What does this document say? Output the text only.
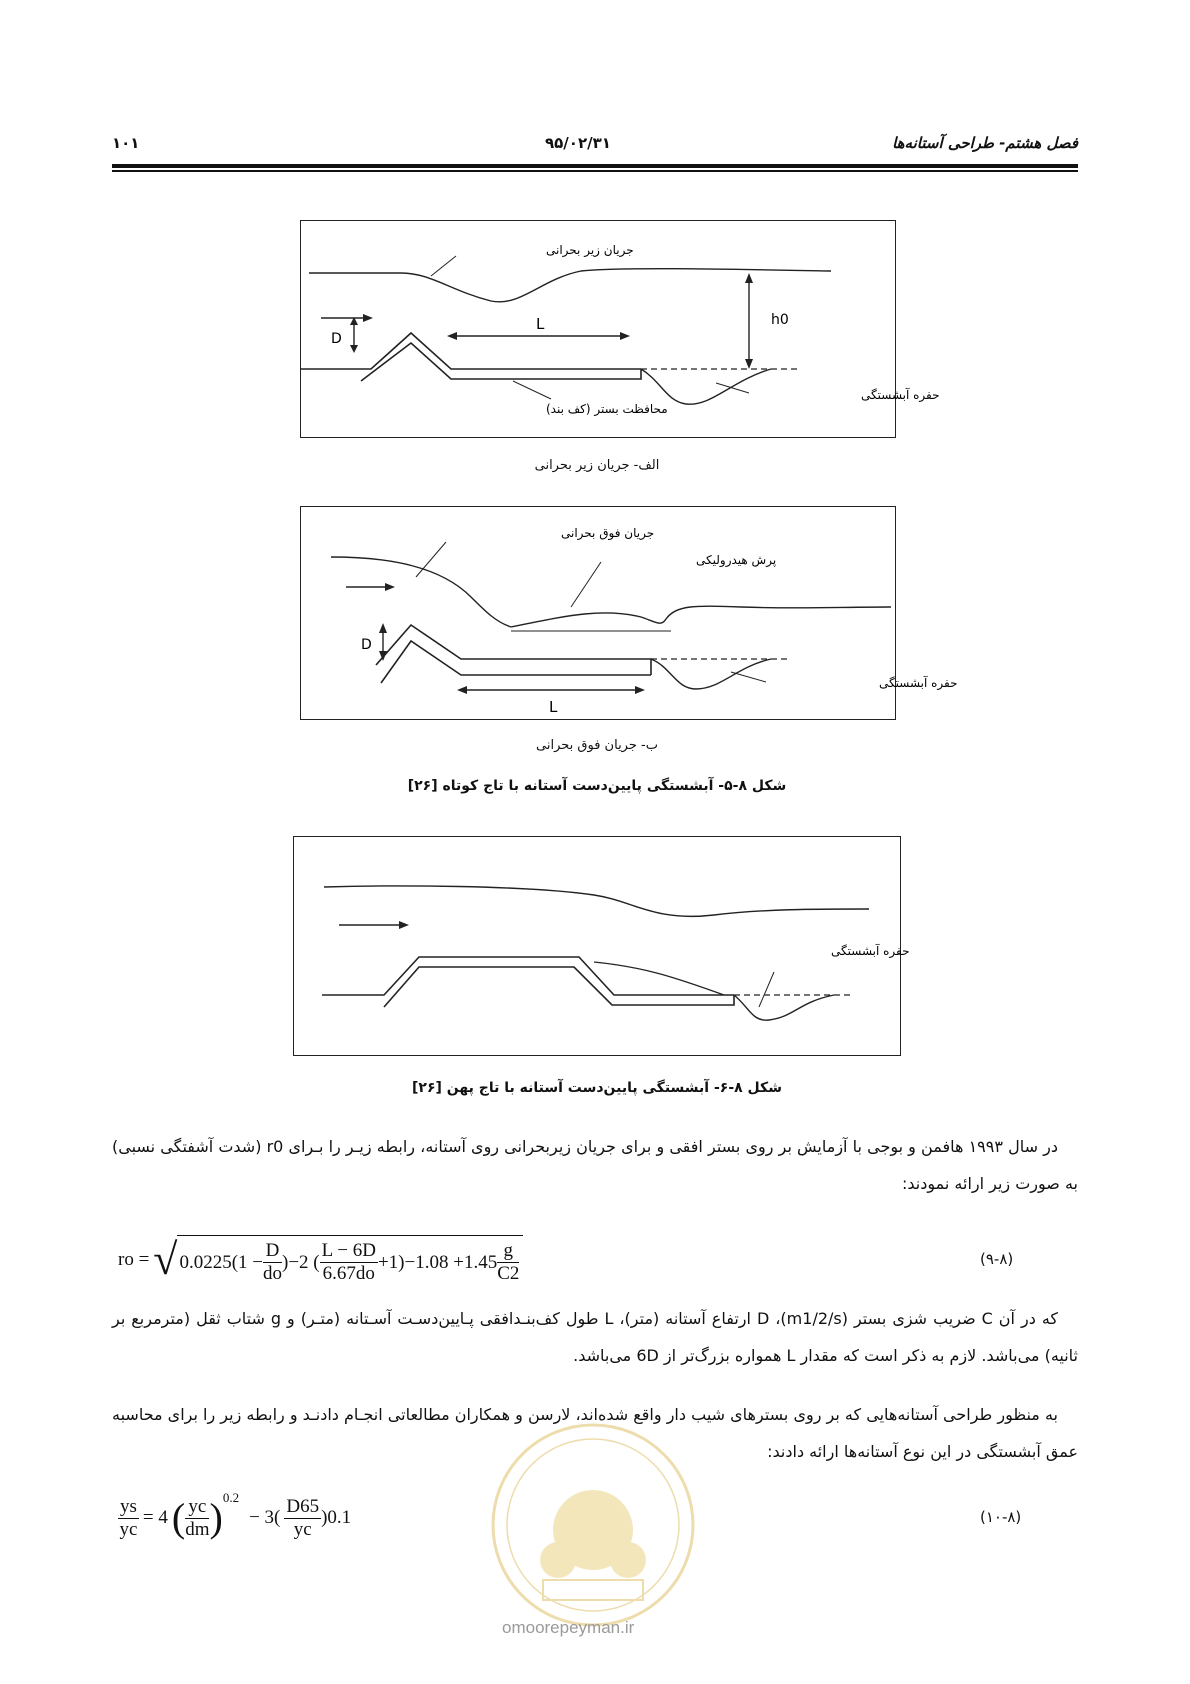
۱۰۱	۹۵/۰۲/۳۱	فصل هشتم- طراحی آستانه‌ها
D
L	h0
جریان زیر بحرانی
حفره آبشستگی
محافظت بستر (کف بند)
الف- جریان زیر بحرانی
D
L
جریان فوق بحرانی
پرش هیدرولیکی
حفره آبشستگی
ب- جریان فوق بحرانی
شکل ۸-۵- آبشستگی پایین‌دست آستانه با تاج کوتاه [۲۶]
حفره آبشستگی
شکل ۸-۶- آبشستگی پایین‌دست آستانه با تاج پهن [۲۶]
در سال ۱۹۹۳ هافمن و بوجی با آزمایش بر روی بستر افقی و برای جریان زیربحرانی روی آستانه، رابطه زیـر را بـرای r0 (شدت آشفتگی نسبی) به صورت زیر ارائه نمودند:
ro = √ $0.0225(1 - \frac{D}{do} )-2$ ( $\frac{L - 6D}{6.67do} +1)-1.08 +1.45 \frac{g}{C2}$	(۹-۸)
که در آن C ضریب شزی بستر (m1/2/s)، D ارتفاع آستانه (متر)، L طول کف‌بنـدافقی پـایین‌دسـت آسـتانه (متـر) و g شتاب ثقل (مترمربع بر ثانیه) می‌باشد. لازم به ذکر است که مقدار L همواره بزرگ‌تر از 6D می‌باشد.
به منظور طراحی آستانه‌هایی که بر روی بسترهای شیب دار واقع شده‌اند، لارسن و همکاران مطالعاتی انجـام دادنـد و رابطه زیر را برای محاسبه عمق آبشستگی در این نوع آستانه‌ها ارائه دادند:
$\frac{ys}{yc} = 4$ ( $\frac{yc}{dm}$ ) 0.2
− $3( \frac{D65}{yc} )0.1$	(۱۰-۸)
omoorepeyman.ir
